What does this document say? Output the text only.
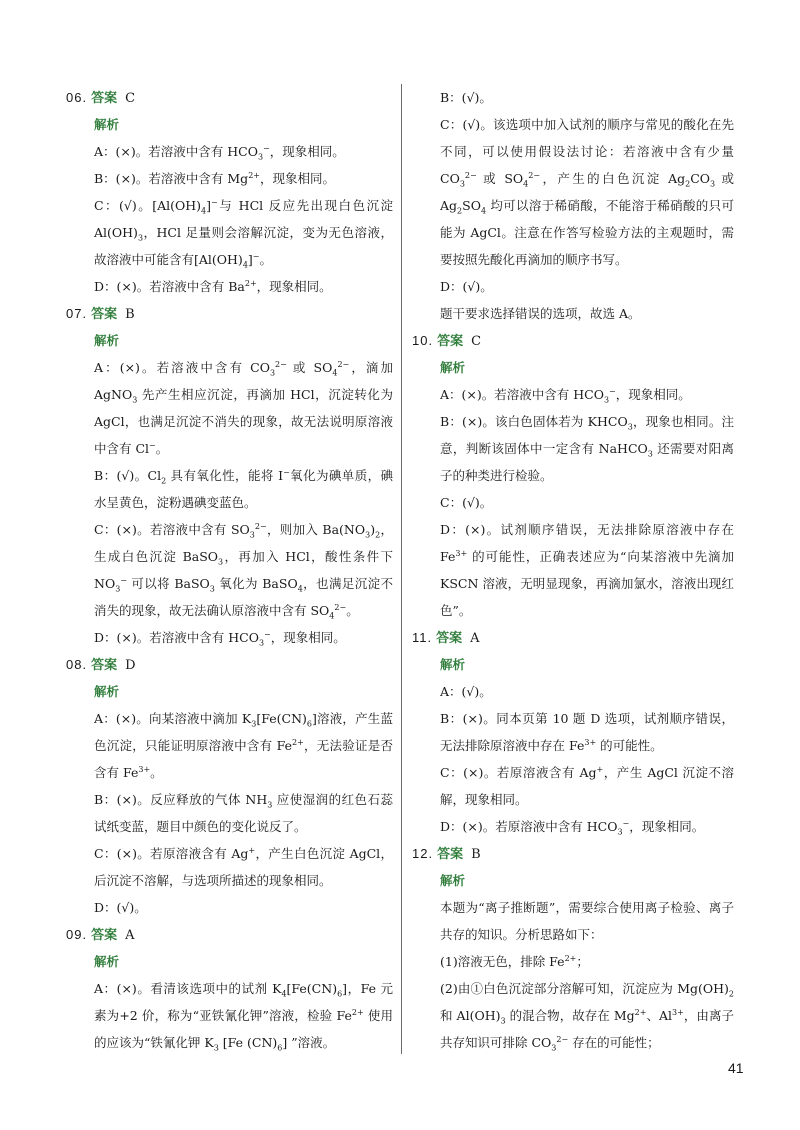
06. 答案 C
解析

A：(×)。若溶液中含有 $HCO_3^-$，现象相同。

B：(×)。若溶液中含有 $Mg^{2+}$，现象相同。

C：(√)。$[Al(OH)_4]^-$与 HCl 反应先出现白色沉淀 $Al(OH)_3$，HCl 足量则会溶解沉淀，变为无色溶液，故溶液中可能含有$[Al(OH)_4]^-$。

D：(×)。若溶液中含有 $Ba^{2+}$，现象相同。

07. 答案 B
解析

A：(×)。若溶液中含有 $CO_3^{2-}$ 或 $SO_4^{2-}$，滴加 AgNO$_3$ 先产生相应沉淀，再滴加 HCl，沉淀转化为 AgCl，也满足沉淀不消失的现象，故无法说明原溶液中含有 Cl−。

B：(√)。$Cl_2$ 具有氧化性，能将 I−氧化为碘单质，碘水呈黄色，淀粉遇碘变蓝色。

C：(×)。若溶液中含有 $SO_3^{2-}$，则加入 $Ba(NO_3)_2$，生成白色沉淀 BaSO$_3$，再加入 HCl，酸性条件下 $NO_3^-$ 可以将 BaSO$_3$ 氧化为 BaSO$_4$，也满足沉淀不消失的现象，故无法确认原溶液中含有 $SO_4^{2-}$。

D：(×)。若溶液中含有 $HCO_3^-$，现象相同。

08. 答案 D
解析

A：(×)。向某溶液中滴加 $K_3[Fe(CN)_6]$溶液，产生蓝色沉淀，只能证明原溶液中含有 $Fe^{2+}$，无法验证是否含有 $Fe^{3+}$。

B：(×)。反应释放的气体 $NH_3$ 应使湿润的红色石蕊试纸变蓝，题目中颜色的变化说反了。

C：(×)。若原溶液含有 Ag+，产生白色沉淀 AgCl，后沉淀不溶解，与选项所描述的现象相同。

D：(√)。

09. 答案 A
解析

A：(×)。看清该选项中的试剂 $K_4[Fe(CN)_6]$，Fe 元素为+2 价，称为“亚铁氰化钾”溶液，检验 $Fe^{2+}$ 使用的应该为“铁氰化钾 $K_3$ [Fe $(CN)_6$] ”溶液。

B：(√)。

C：(√)。该选项中加入试剂的顺序与常见的酸化在先不同，可以使用假设法讨论：若溶液中含有少量 $CO_3^{2-}$ 或 $SO_4^{2-}$，产生的白色沉淀 $Ag_2CO_3$ 或 $Ag_2SO_4$ 均可以溶于稀硝酸，不能溶于稀硝酸的只可能为 AgCl。注意在作答写检验方法的主观题时，需要按照先酸化再滴加的顺序书写。

D：(√)。

题干要求选择错误的选项，故选 A。

10. 答案 C
解析

A：(×)。若溶液中含有 $HCO_3^-$，现象相同。

B：(×)。该白色固体若为 $KHCO_3$，现象也相同。注意，判断该固体中一定含有 NaHCO$_3$ 还需要对阳离子的种类进行检验。

C：(√)。

D：(×)。试剂顺序错误，无法排除原溶液中存在 $Fe^{3+}$ 的可能性，正确表述应为“向某溶液中先滴加 KSCN 溶液，无明显现象，再滴加氯水，溶液出现红色”。

11. 答案 A
解析

A：(√)。

B：(×)。同本页第 10 题 D 选项，试剂顺序错误，无法排除原溶液中存在 $Fe^{3+}$ 的可能性。

C：(×)。若原溶液含有 Ag+，产生 AgCl 沉淀不溶解，现象相同。

D：(×)。若原溶液中含有 $HCO_3^-$，现象相同。

12. 答案 B
解析

本题为“离子推断题”，需要综合使用离子检验、离子共存的知识。分析思路如下：

(1)溶液无色，排除 $Fe^{2+}$；

(2)由①白色沉淀部分溶解可知，沉淀应为 $Mg(OH)_2$ 和 $Al(OH)_3$ 的混合物，故存在 $Mg^{2+}$、$Al^{3+}$，由离子共存知识可排除 $CO_3^{2-}$ 存在的可能性；

41
